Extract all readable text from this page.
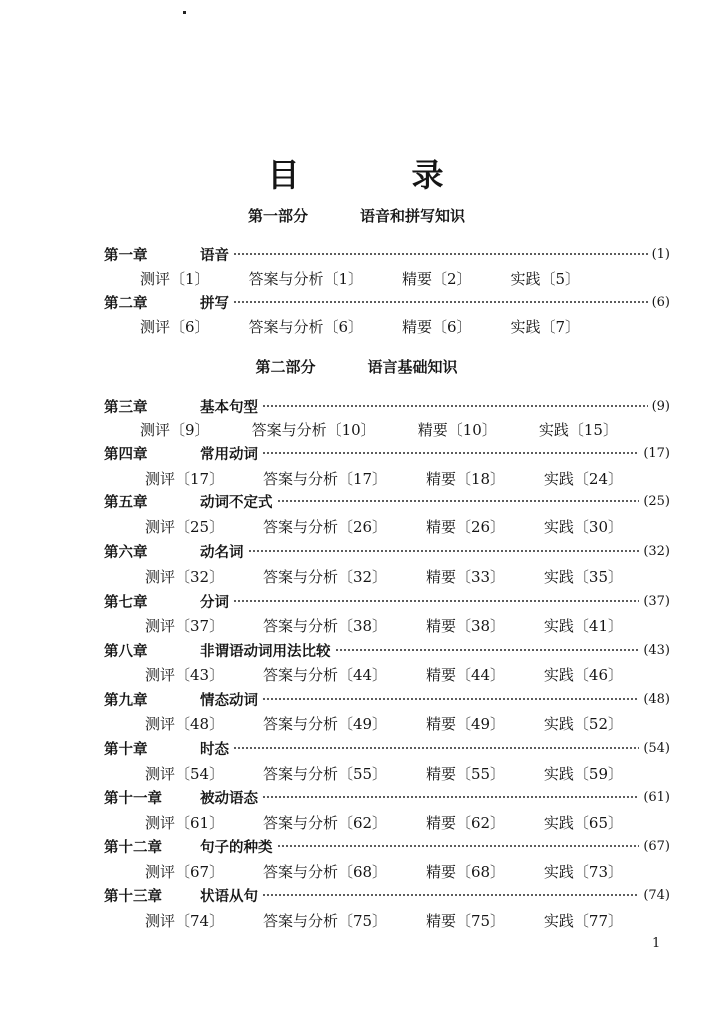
目	录
第一部分	语音和拼写知识
第二部分	语言基础知识
第一章	语音	(1)
测评〔1〕	答案与分析〔1〕	精要〔2〕	实践〔5〕
第二章	拼写	(6)
测评〔6〕	答案与分析〔6〕	精要〔6〕	实践〔7〕
第三章	基本句型	(9)
测评〔9〕	答案与分析〔10〕	精要〔10〕	实践〔15〕
第四章	常用动词	(17)
测评〔17〕	答案与分析〔17〕	精要〔18〕	实践〔24〕
第五章	动词不定式	(25)
测评〔25〕	答案与分析〔26〕	精要〔26〕	实践〔30〕
第六章	动名词	(32)
测评〔32〕	答案与分析〔32〕	精要〔33〕	实践〔35〕
第七章	分词	(37)
测评〔37〕	答案与分析〔38〕	精要〔38〕	实践〔41〕
第八章	非谓语动词用法比较	(43)
测评〔43〕	答案与分析〔44〕	精要〔44〕	实践〔46〕
第九章	情态动词	(48)
测评〔48〕	答案与分析〔49〕	精要〔49〕	实践〔52〕
第十章	时态	(54)
测评〔54〕	答案与分析〔55〕	精要〔55〕	实践〔59〕
第十一章	被动语态	(61)
测评〔61〕	答案与分析〔62〕	精要〔62〕	实践〔65〕
第十二章	句子的种类	(67)
测评〔67〕	答案与分析〔68〕	精要〔68〕	实践〔73〕
第十三章	状语从句	(74)
测评〔74〕	答案与分析〔75〕	精要〔75〕	实践〔77〕
1
